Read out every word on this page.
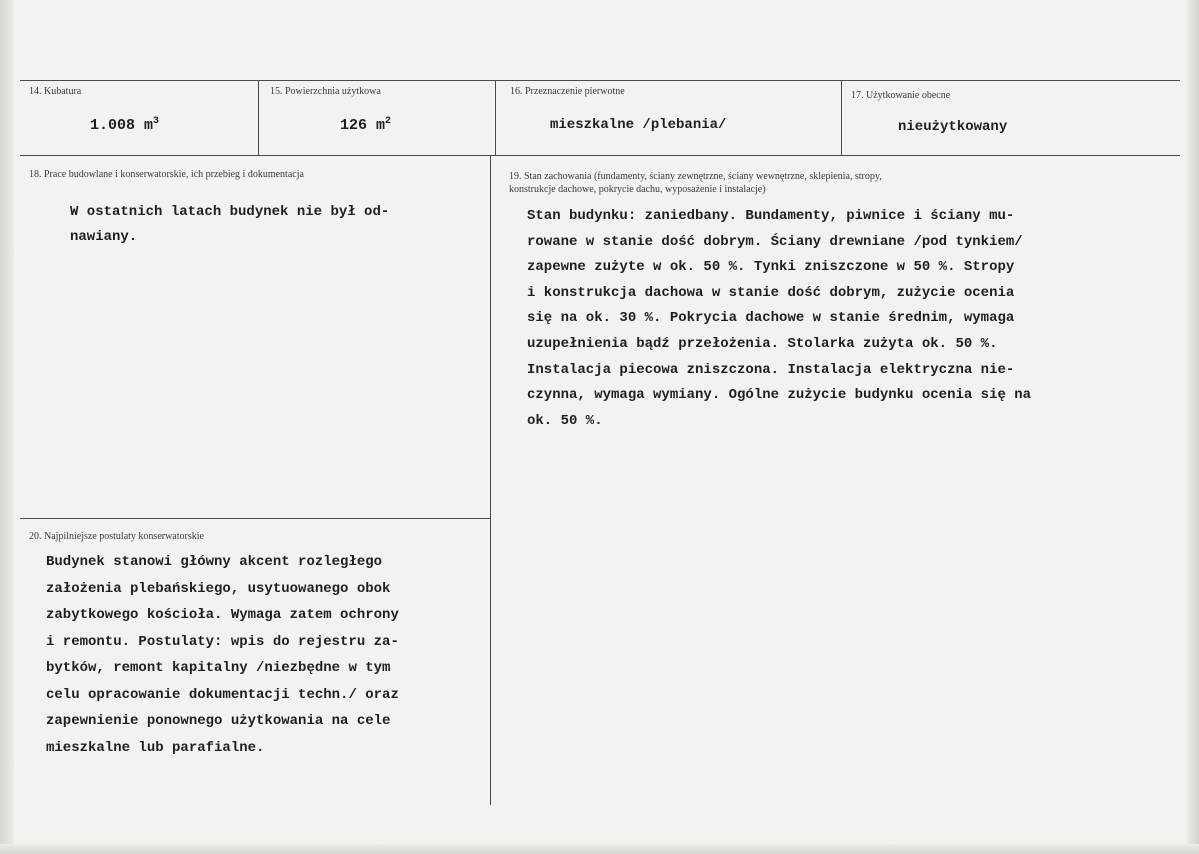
14. Kubatura	15. Powierzchnia użytkowa	16. Przeznaczenie pierwotne	17. Użytkowanie obecne
1.008 $m^3$	126 $m^2$	mieszkalne /plebania/	nieużytkowany
18. Prace budowlane i konserwatorskie, ich przebieg i dokumentacja
W ostatnich latach budynek nie był od-
nawiany.
19. Stan zachowania (fundamenty, ściany zewnętrzne, ściany wewnętrzne, sklepienia, stropy,
konstrukcje dachowe, pokrycie dachu, wyposażenie i instalacje)
Stan budynku: zaniedbany. Bundamenty, piwnice i ściany mu-
rowane w stanie dość dobrym. Ściany drewniane /pod tynkiem/
zapewne zużyte w ok. 50 %. Tynki zniszczone w 50 %. Stropy
i konstrukcja dachowa w stanie dość dobrym, zużycie ocenia
się na ok. 30 %. Pokrycia dachowe w stanie średnim, wymaga
uzupełnienia bądź przełożenia. Stolarka zużyta ok. 50 %.
Instalacja piecowa zniszczona. Instalacja elektryczna nie-
czynna, wymaga wymiany. Ogólne zużycie budynku ocenia się na
ok. 50 %.
20. Najpilniejsze postulaty konserwatorskie
Budynek stanowi główny akcent rozległego
założenia plebańskiego, usytuowanego obok
zabytkowego kościoła. Wymaga zatem ochrony
i remontu. Postulaty: wpis do rejestru za-
bytków, remont kapitalny /niezbędne w tym
celu opracowanie dokumentacji techn./ oraz
zapewnienie ponownego użytkowania na cele
mieszkalne lub parafialne.
